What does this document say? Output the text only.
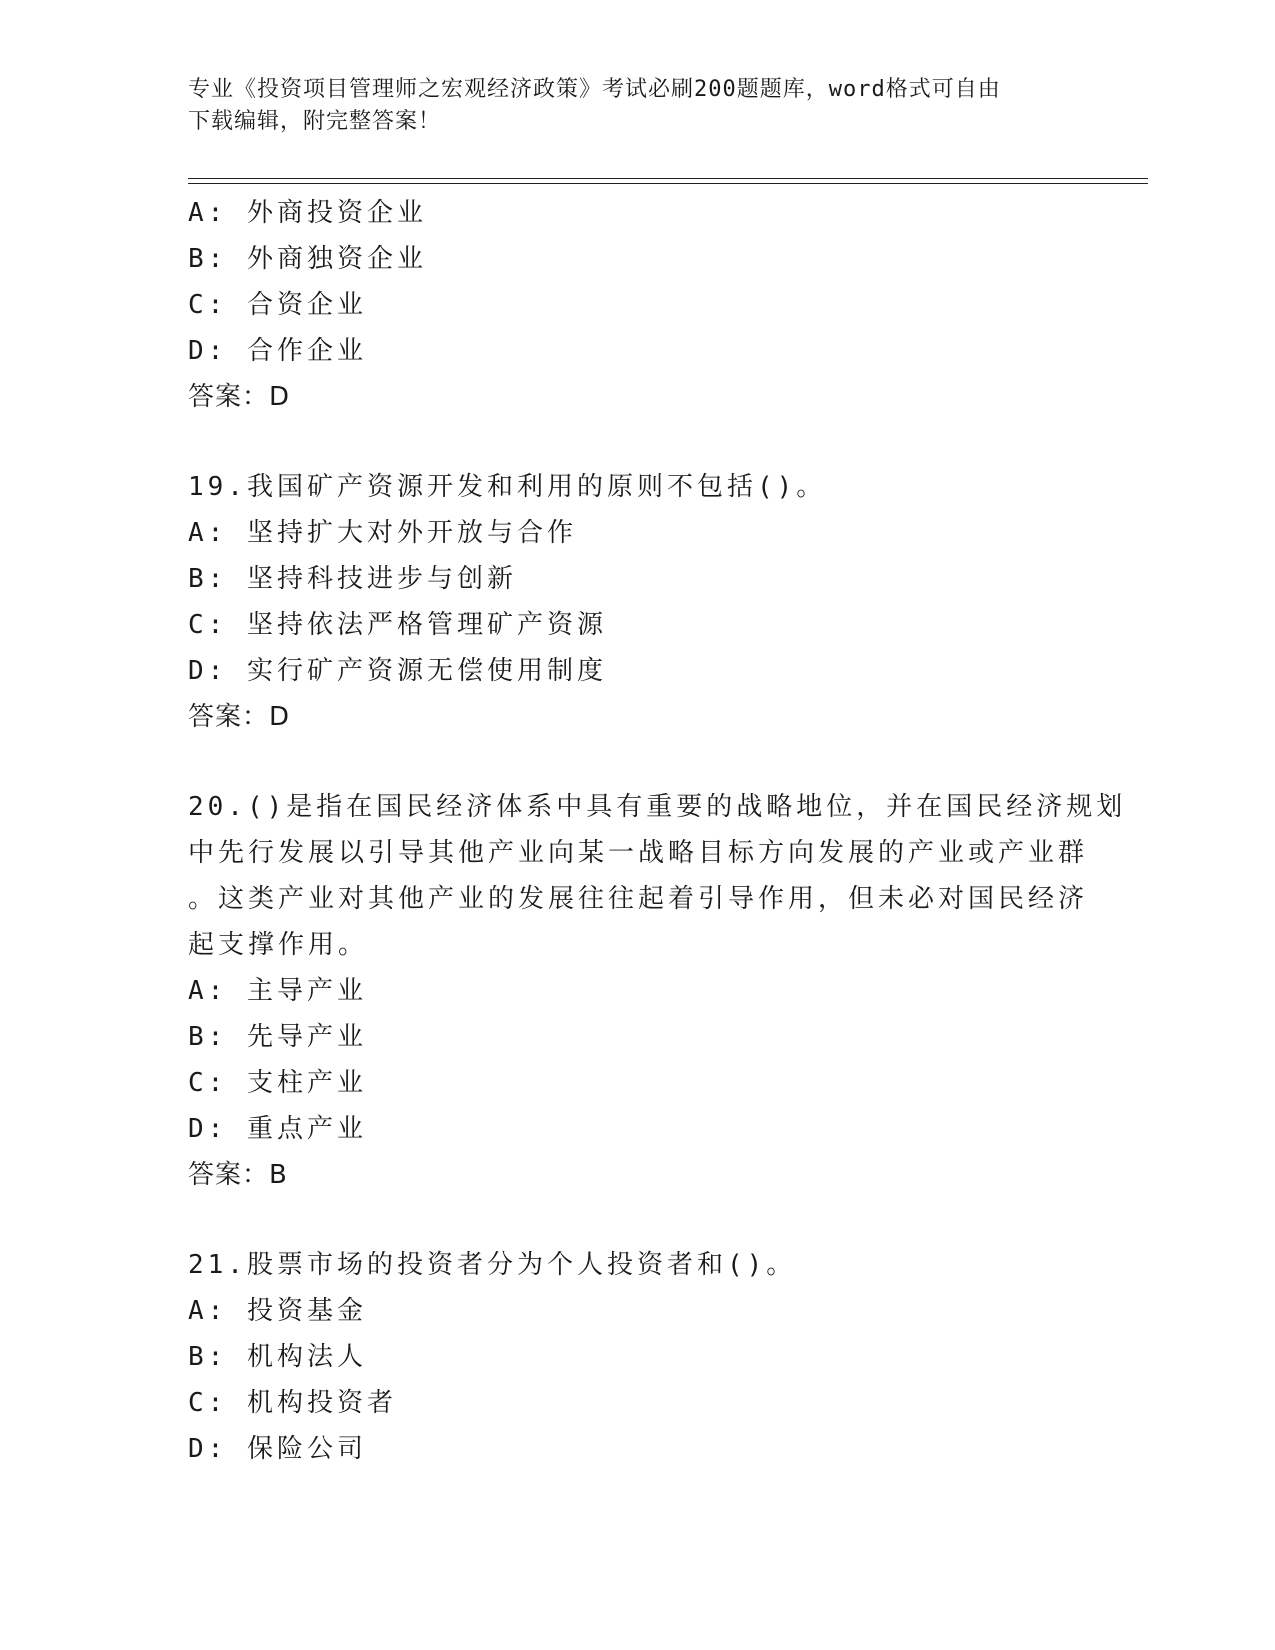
专业《投资项目管理师之宏观经济政策》考试必刷200题题库，word格式可自由
下载编辑，附完整答案！
A: 外商投资企业
B: 外商独资企业
C: 合资企业
D: 合作企业
答案：D
19.我国矿产资源开发和利用的原则不包括()。
A: 坚持扩大对外开放与合作
B: 坚持科技进步与创新
C: 坚持依法严格管理矿产资源
D: 实行矿产资源无偿使用制度
答案：D
20.()是指在国民经济体系中具有重要的战略地位，并在国民经济规划
中先行发展以引导其他产业向某一战略目标方向发展的产业或产业群
。这类产业对其他产业的发展往往起着引导作用，但未必对国民经济
起支撑作用。
A: 主导产业
B: 先导产业
C: 支柱产业
D: 重点产业
答案：B
21.股票市场的投资者分为个人投资者和()。
A: 投资基金
B: 机构法人
C: 机构投资者
D: 保险公司
